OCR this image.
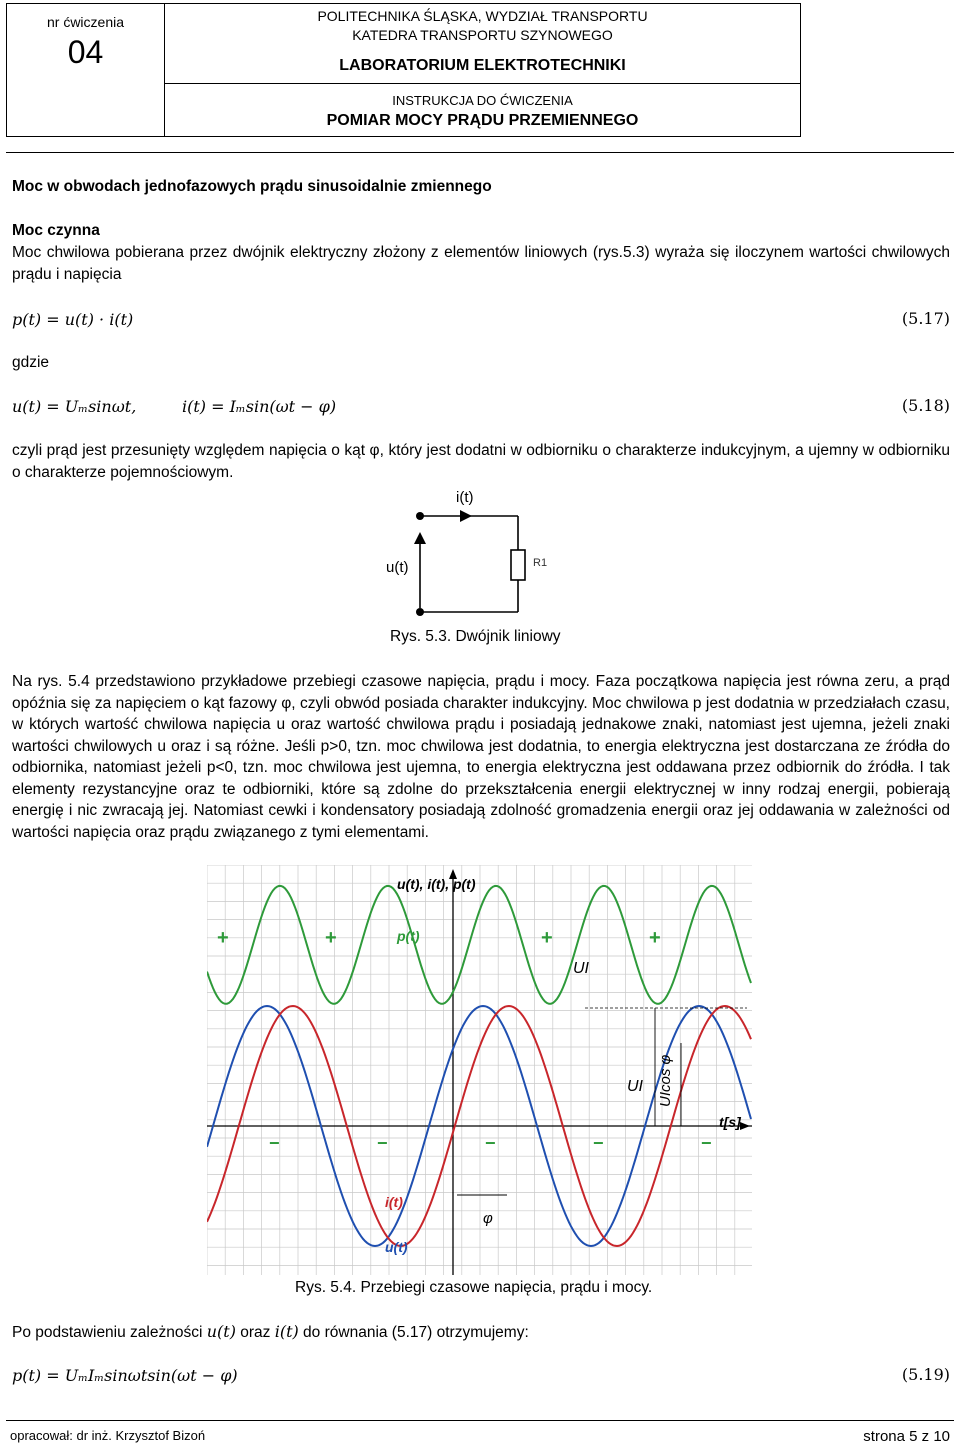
nr ćwiczenia
04
POLITECHNIKA ŚLĄSKA, WYDZIAŁ TRANSPORTU
KATEDRA TRANSPORTU SZYNOWEGO
LABORATORIUM ELEKTROTECHNIKI
INSTRUKCJA DO ĆWICZENIA
POMIAR MOCY PRĄDU PRZEMIENNEGO
Moc w obwodach jednofazowych prądu sinusoidalnie zmiennego
Moc czynna
Moc chwilowa pobierana przez dwójnik elektryczny złożony z elementów liniowych (rys.5.3) wyraża się iloczynem wartości chwilowych prądu i napięcia
p(t) = u(t) · i(t)	(5.17)
gdzie
u(t) = Uₘsinωt,	i(t) = Iₘsin(ωt − φ)	(5.18)
czyli prąd jest przesunięty względem napięcia o kąt φ, który jest dodatni w odbiorniku o charakterze indukcyjnym, a ujemny w odbiorniku o charakterze pojemnościowym.
i(t)
u(t)	R1
Rys. 5.3. Dwójnik liniowy
Na rys. 5.4 przedstawiono przykładowe przebiegi czasowe napięcia, prądu i mocy. Faza początkowa napięcia jest równa zeru, a prąd opóźnia się za napięciem o kąt fazowy φ, czyli obwód posiada charakter indukcyjny. Moc chwilowa p jest dodatnia w przedziałach czasu, w których wartość chwilowa napięcia u oraz wartość chwilowa prądu i posiadają jednakowe znaki, natomiast jest ujemna, jeżeli znaki wartości chwilowych u oraz i są różne. Jeśli p>0, tzn. moc chwilowa jest dodatnia, to energia elektryczna jest dostarczana ze źródła do odbiornika, natomiast jeżeli p<0, tzn. moc chwilowa jest ujemna, to energia elektryczna jest oddawana przez odbiornik do źródła. I tak elementy rezystancyjne oraz te odbiorniki, które są zdolne do przekształcenia energii elektrycznej w inny rodzaj energii, pobierają energię i nic zwracają jej. Natomiast cewki i kondensatory posiadają zdolność gromadzenia energii oraz jej oddawania w zależności od wartości napięcia oraz prądu związanego z tymi elementami.
u(t), i(t), p(t)
p(t)
i(t)
u(t)
t[s]
UI
UI UIcos φ
φ
+	+	+	+
−	−	−	−	−
Rys. 5.4. Przebiegi czasowe napięcia, prądu i mocy.
Po podstawieniu zależności u(t) oraz i(t) do równania (5.17) otrzymujemy:
p(t) = UₘIₘsinωtsin(ωt − φ)	(5.19)
opracował: dr inż. Krzysztof Bizoń	strona 5 z 10
